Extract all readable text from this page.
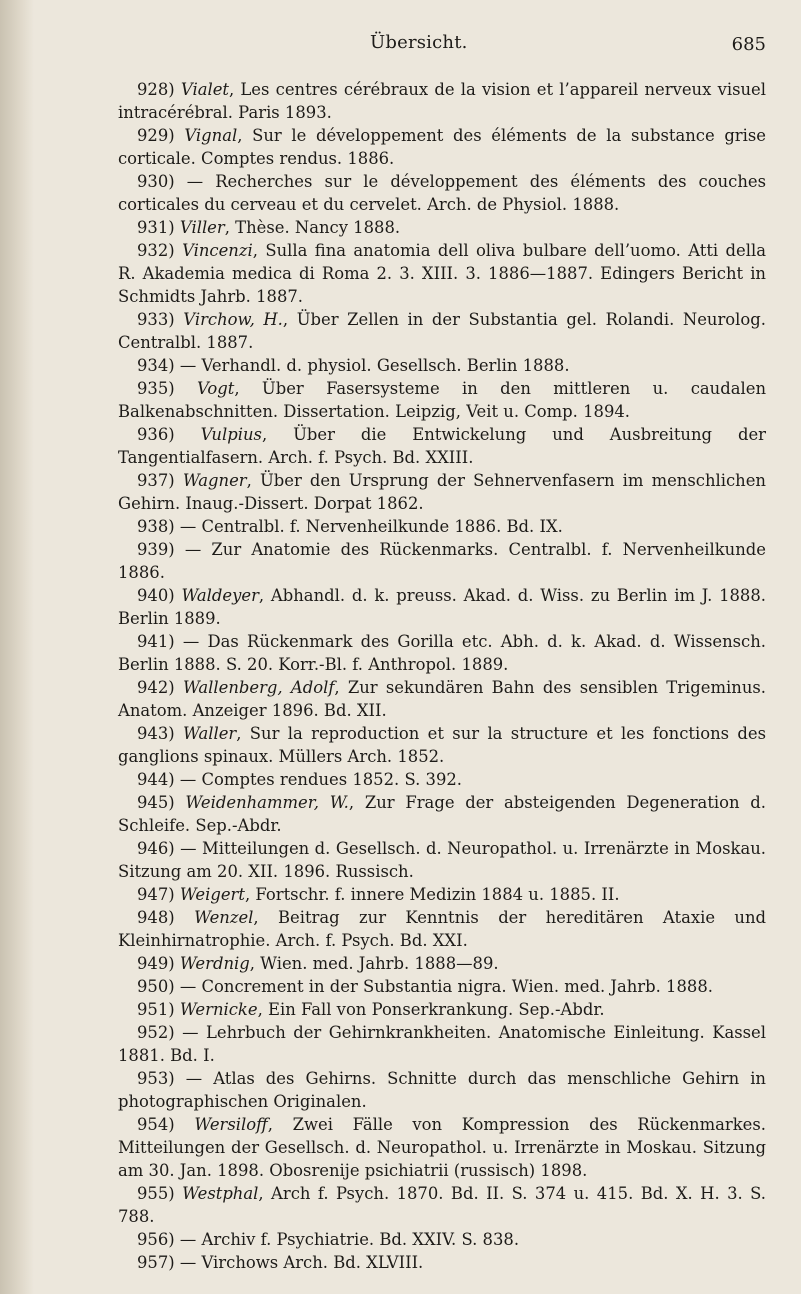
Übersicht.	685

928) Vialet, Les centres cérébraux de la vision et l’appareil nerveux visuel intracérébral. Paris 1893.

929) Vignal, Sur le développement des éléments de la substance grise corticale. Comptes rendus. 1886.

930) — Recherches sur le développement des éléments des couches corticales du cerveau et du cervelet. Arch. de Physiol. 1888.

931) Viller, Thèse. Nancy 1888.

932) Vincenzi, Sulla fina anatomia dell oliva bulbare dell’uomo. Atti della R. Akademia medica di Roma 2. 3. XIII. 3. 1886—1887. Edingers Bericht in Schmidts Jahrb. 1887.

933) Virchow, H., Über Zellen in der Substantia gel. Rolandi. Neurolog. Centralbl. 1887.

934) — Verhandl. d. physiol. Gesellsch. Berlin 1888.

935) Vogt, Über Fasersysteme in den mittleren u. caudalen Balkenabschnitten. Dissertation. Leipzig, Veit u. Comp. 1894.

936) Vulpius, Über die Entwickelung und Ausbreitung der Tangentialfasern. Arch. f. Psych. Bd. XXIII.

937) Wagner, Über den Ursprung der Sehnervenfasern im menschlichen Gehirn. Inaug.-Dissert. Dorpat 1862.

938) — Centralbl. f. Nervenheilkunde 1886. Bd. IX.

939) — Zur Anatomie des Rückenmarks. Centralbl. f. Nervenheilkunde 1886.

940) Waldeyer, Abhandl. d. k. preuss. Akad. d. Wiss. zu Berlin im J. 1888. Berlin 1889.

941) — Das Rückenmark des Gorilla etc. Abh. d. k. Akad. d. Wissensch. Berlin 1888. S. 20. Korr.-Bl. f. Anthropol. 1889.

942) Wallenberg, Adolf, Zur sekundären Bahn des sensiblen Trigeminus. Anatom. Anzeiger 1896. Bd. XII.

943) Waller, Sur la reproduction et sur la structure et les fonctions des ganglions spinaux. Müllers Arch. 1852.

944) — Comptes rendues 1852. S. 392.

945) Weidenhammer, W., Zur Frage der absteigenden Degeneration d. Schleife. Sep.-Abdr.

946) — Mitteilungen d. Gesellsch. d. Neuropathol. u. Irrenärzte in Moskau. Sitzung am 20. XII. 1896. Russisch.

947) Weigert, Fortschr. f. innere Medizin 1884 u. 1885. II.

948) Wenzel, Beitrag zur Kenntnis der hereditären Ataxie und Kleinhirnatrophie. Arch. f. Psych. Bd. XXI.

949) Werdnig, Wien. med. Jahrb. 1888—89.

950) — Concrement in der Substantia nigra. Wien. med. Jahrb. 1888.

951) Wernicke, Ein Fall von Ponserkrankung. Sep.-Abdr.

952) — Lehrbuch der Gehirnkrankheiten. Anatomische Einleitung. Kassel 1881. Bd. I.

953) — Atlas des Gehirns. Schnitte durch das menschliche Gehirn in photographischen Originalen.

954) Wersiloff, Zwei Fälle von Kompression des Rückenmarkes. Mitteilungen der Gesellsch. d. Neuropathol. u. Irrenärzte in Moskau. Sitzung am 30. Jan. 1898. Obosrenije psichiatrii (russisch) 1898.

955) Westphal, Arch f. Psych. 1870. Bd. II. S. 374 u. 415. Bd. X. H. 3. S. 788.

956) — Archiv f. Psychiatrie. Bd. XXIV. S. 838.

957) — Virchows Arch. Bd. XLVIII.
